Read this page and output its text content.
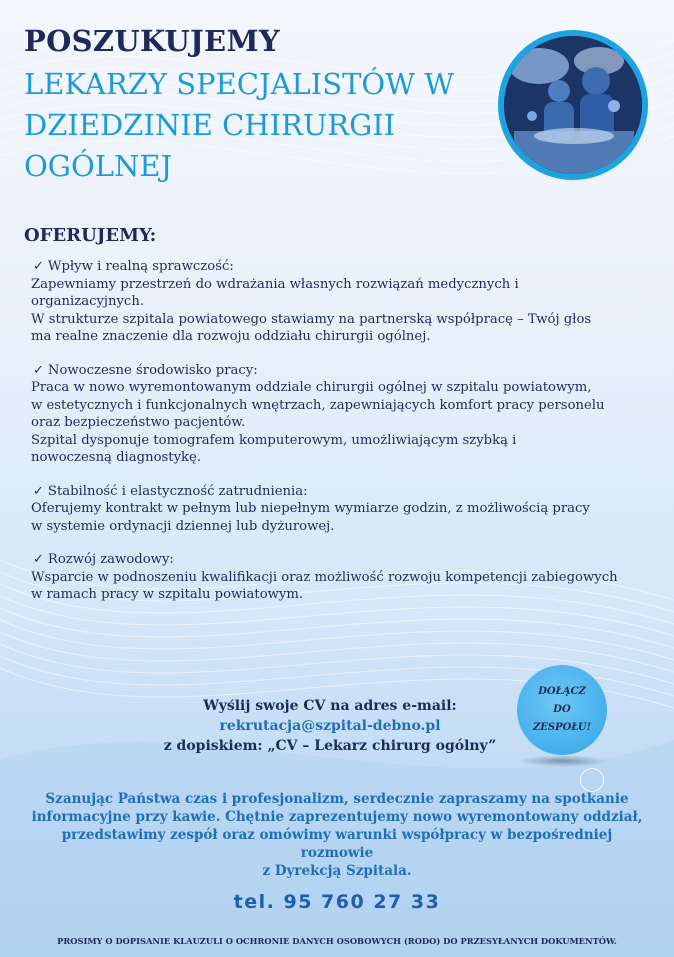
POSZUKUJEMY
LEKARZY SPECJALISTÓW W DZIEDZINIE CHIRURGII OGÓLNEJ
OFERUJEMY:
✓ Wpływ i realną sprawczość:
Zapewniamy przestrzeń do wdrażania własnych rozwiązań medycznych i
organizacyjnych.
W strukturze szpitala powiatowego stawiamy na partnerską współpracę – Twój głos
ma realne znaczenie dla rozwoju oddziału chirurgii ogólnej.
✓ Nowoczesne środowisko pracy:
Praca w nowo wyremontowanym oddziale chirurgii ogólnej w szpitalu powiatowym,
w estetycznych i funkcjonalnych wnętrzach, zapewniających komfort pracy personelu
oraz bezpieczeństwo pacjentów.
Szpital dysponuje tomografem komputerowym, umożliwiającym szybką i
nowoczesną diagnostykę.
✓ Stabilność i elastyczność zatrudnienia:
Oferujemy kontrakt w pełnym lub niepełnym wymiarze godzin, z możliwością pracy
w systemie ordynacji dziennej lub dyżurowej.
✓ Rozwój zawodowy:
Wsparcie w podnoszeniu kwalifikacji oraz możliwość rozwoju kompetencji zabiegowych
w ramach pracy w szpitalu powiatowym.
Wyślij swoje CV na adres e-mail:
rekrutacja@szpital-debno.pl
z dopiskiem: „CV – Lekarz chirurg ogólny”
DOŁĄCZ
DO
ZESPOŁU!
Szanując Państwa czas i profesjonalizm, serdecznie zapraszamy na spotkanie
informacyjne przy kawie. Chętnie zaprezentujemy nowo wyremontowany oddział,
przedstawimy zespół oraz omówimy warunki współpracy w bezpośredniej rozmowie
z Dyrekcją Szpitala.
tel. 95 760 27 33
PROSIMY O DOPISANIE KLAUZULI O OCHRONIE DANYCH OSOBOWYCH (RODO) DO PRZESYŁANYCH DOKUMENTÓW.
